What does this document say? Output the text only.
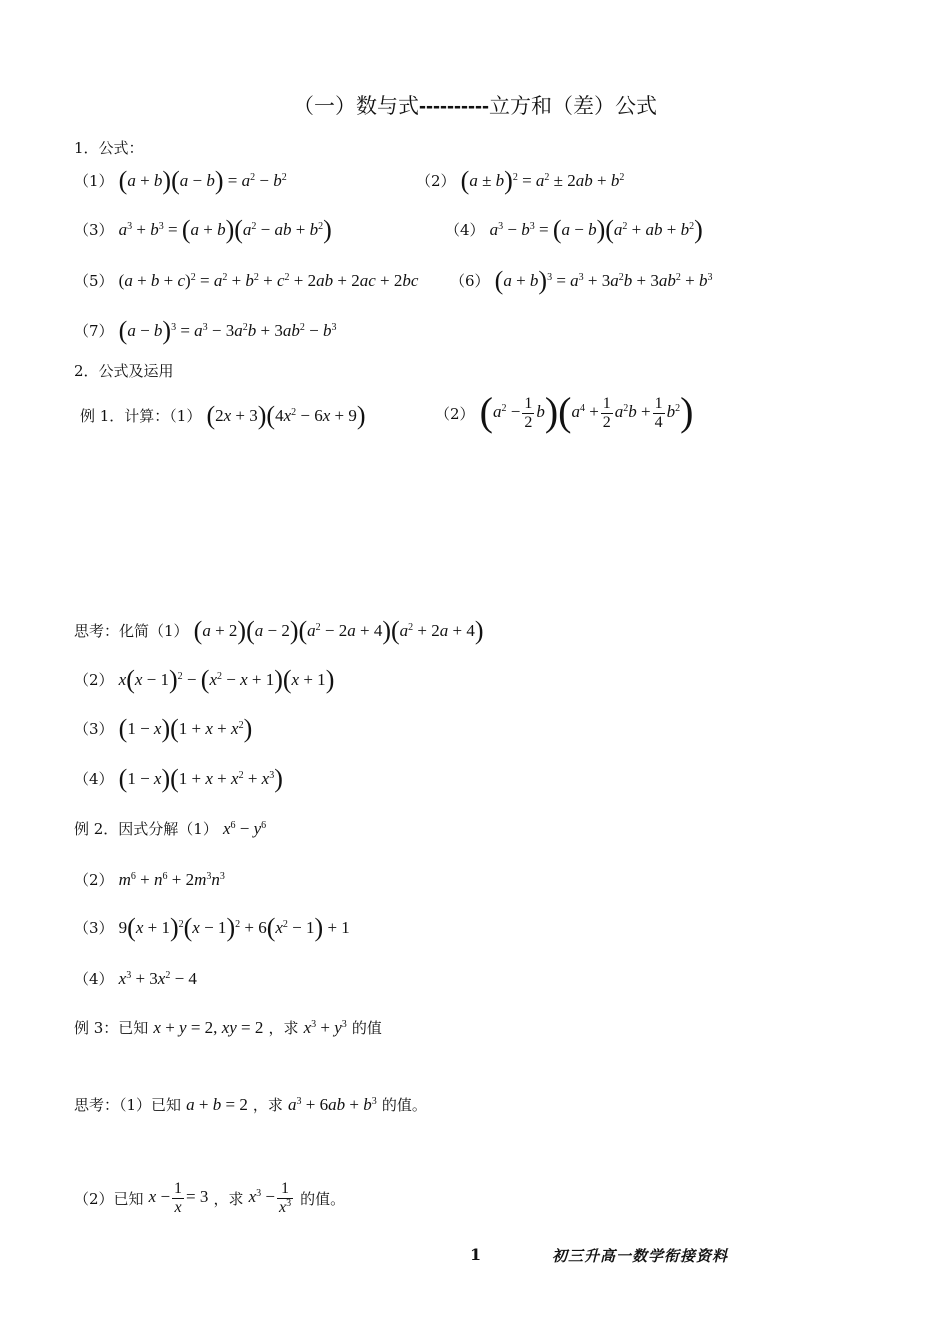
（一）数与式----------立方和（差）公式
1．公式：
（1） $(a + b)(a - b) = a^2 - b^2$	（2） $(a \pm b)^2 = a^2 \pm 2ab + b^2$
（3） $a^3 + b^3 = (a + b)(a^2$ − ab + $b^2$)	（4） $a^3 - b^3 = (a - b)(a^2$ + ab + $b^2$)
（5） $(a + b + c)^2 = a^2 + b^2 + c^2 + 2ab + 2ac + 2bc$ （6） $(a + b)^3 = a^3 + 3a^2b + 3ab^2 + b^3$
（7） $(a - b)^3 = a^3 - 3a^2b + 3ab^2 - b^3$
2．公式及运用
例 1．计算：（1） $(2x + 3)(4x^2 - 6x + 9)$	（2） $(a^2 - \frac{1}{2} b)(a^4 + \frac{1}{2} a^2b + \frac{1}{4} b^2)$
思考：化简（1） $(a + 2)(a - 2)(a^2 - 2a + 4)(a^2 + 2a + 4)$
（2） $x(x - 1)^2 - (x^2 - x + 1)(x + 1)$
（3） $(1 - x)(1 + x + x^2)$
（4） $(1 - x)(1 + x + x^2 + x^3)$
例 2．因式分解（1） $x^6 - y^6$
（2） $m^6 + n^6 + 2m^3n^3$
（3） $9(x + 1)^2(x - 1)^2 + 6(x^2 - 1) + 1$
（4） $x^3 + 3x^2 - 4$
例 3：已知 x + y = 2, xy = 2 ，求 $x^3 + y^3$ 的值
思考：（1）已知 a + b = 2 ，求 $a^3 + 6ab + b^3$ 的值。
（2）已知 $x - \frac{1}{x} = 3$ ，求 $x^3 - \frac{1}{x^3}$ 的值。
1	初三升高一数学衔接资料
